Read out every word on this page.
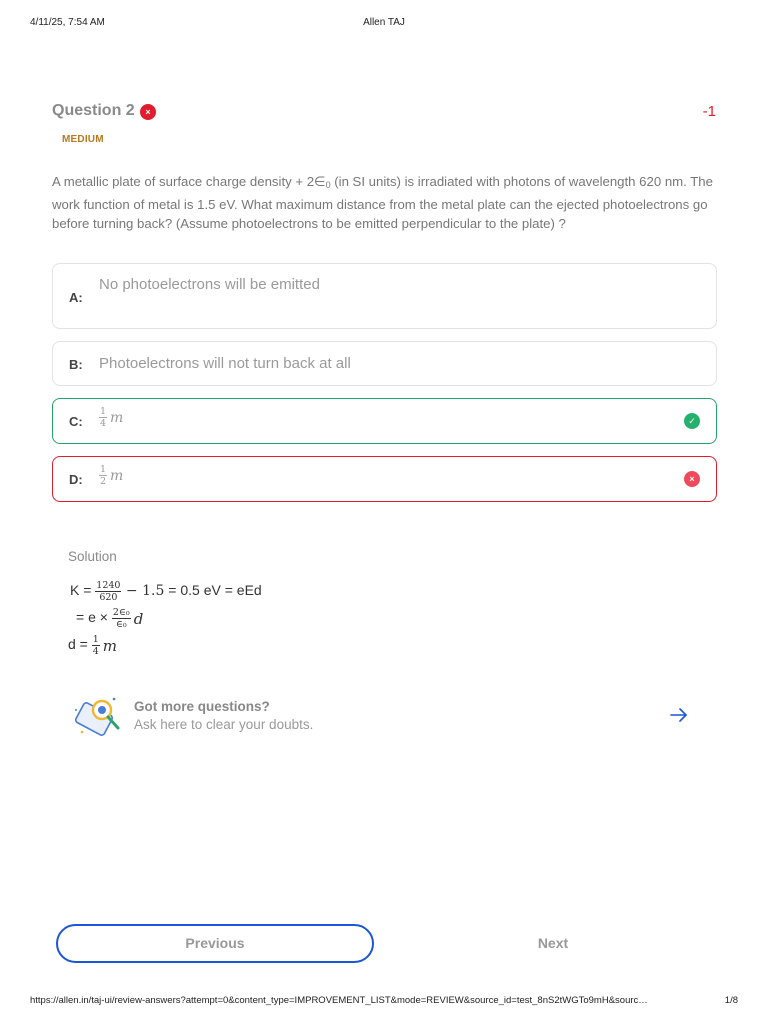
4/11/25, 7:54 AM	Allen TAJ
Question 2	×	-1
MEDIUM
A metallic plate of surface charge density + $2\in_0$ (in SI units) is irradiated with photons of wavelength 620 nm. The work function of metal is 1.5 eV. What maximum distance from the metal plate can the ejected photoelectrons go before turning back? (Assume photoelectrons to be emitted perpendicular to the plate) ?
A:
No photoelectrons will be emitted
B: Photoelectrons will not turn back at all
C: $\frac{1}{4}$ m	✓
D: $\frac{1}{2}$ m	×
Solution
$K = \frac{1240}{620} - 1.5 = 0.5$ eV = eEd
= $e \times \frac{\text{2∈₀}}{\text{∈₀}}$ d
$d = \frac{1}{4}$ m
Got more questions?
Ask here to clear your doubts.
Previous	Next
https://allen.in/taj-ui/review-answers?attempt=0&content_type=IMPROVEMENT_LIST&mode=REVIEW&source_id=test_8nS2tWGTo9mH&sourc…	1/8
